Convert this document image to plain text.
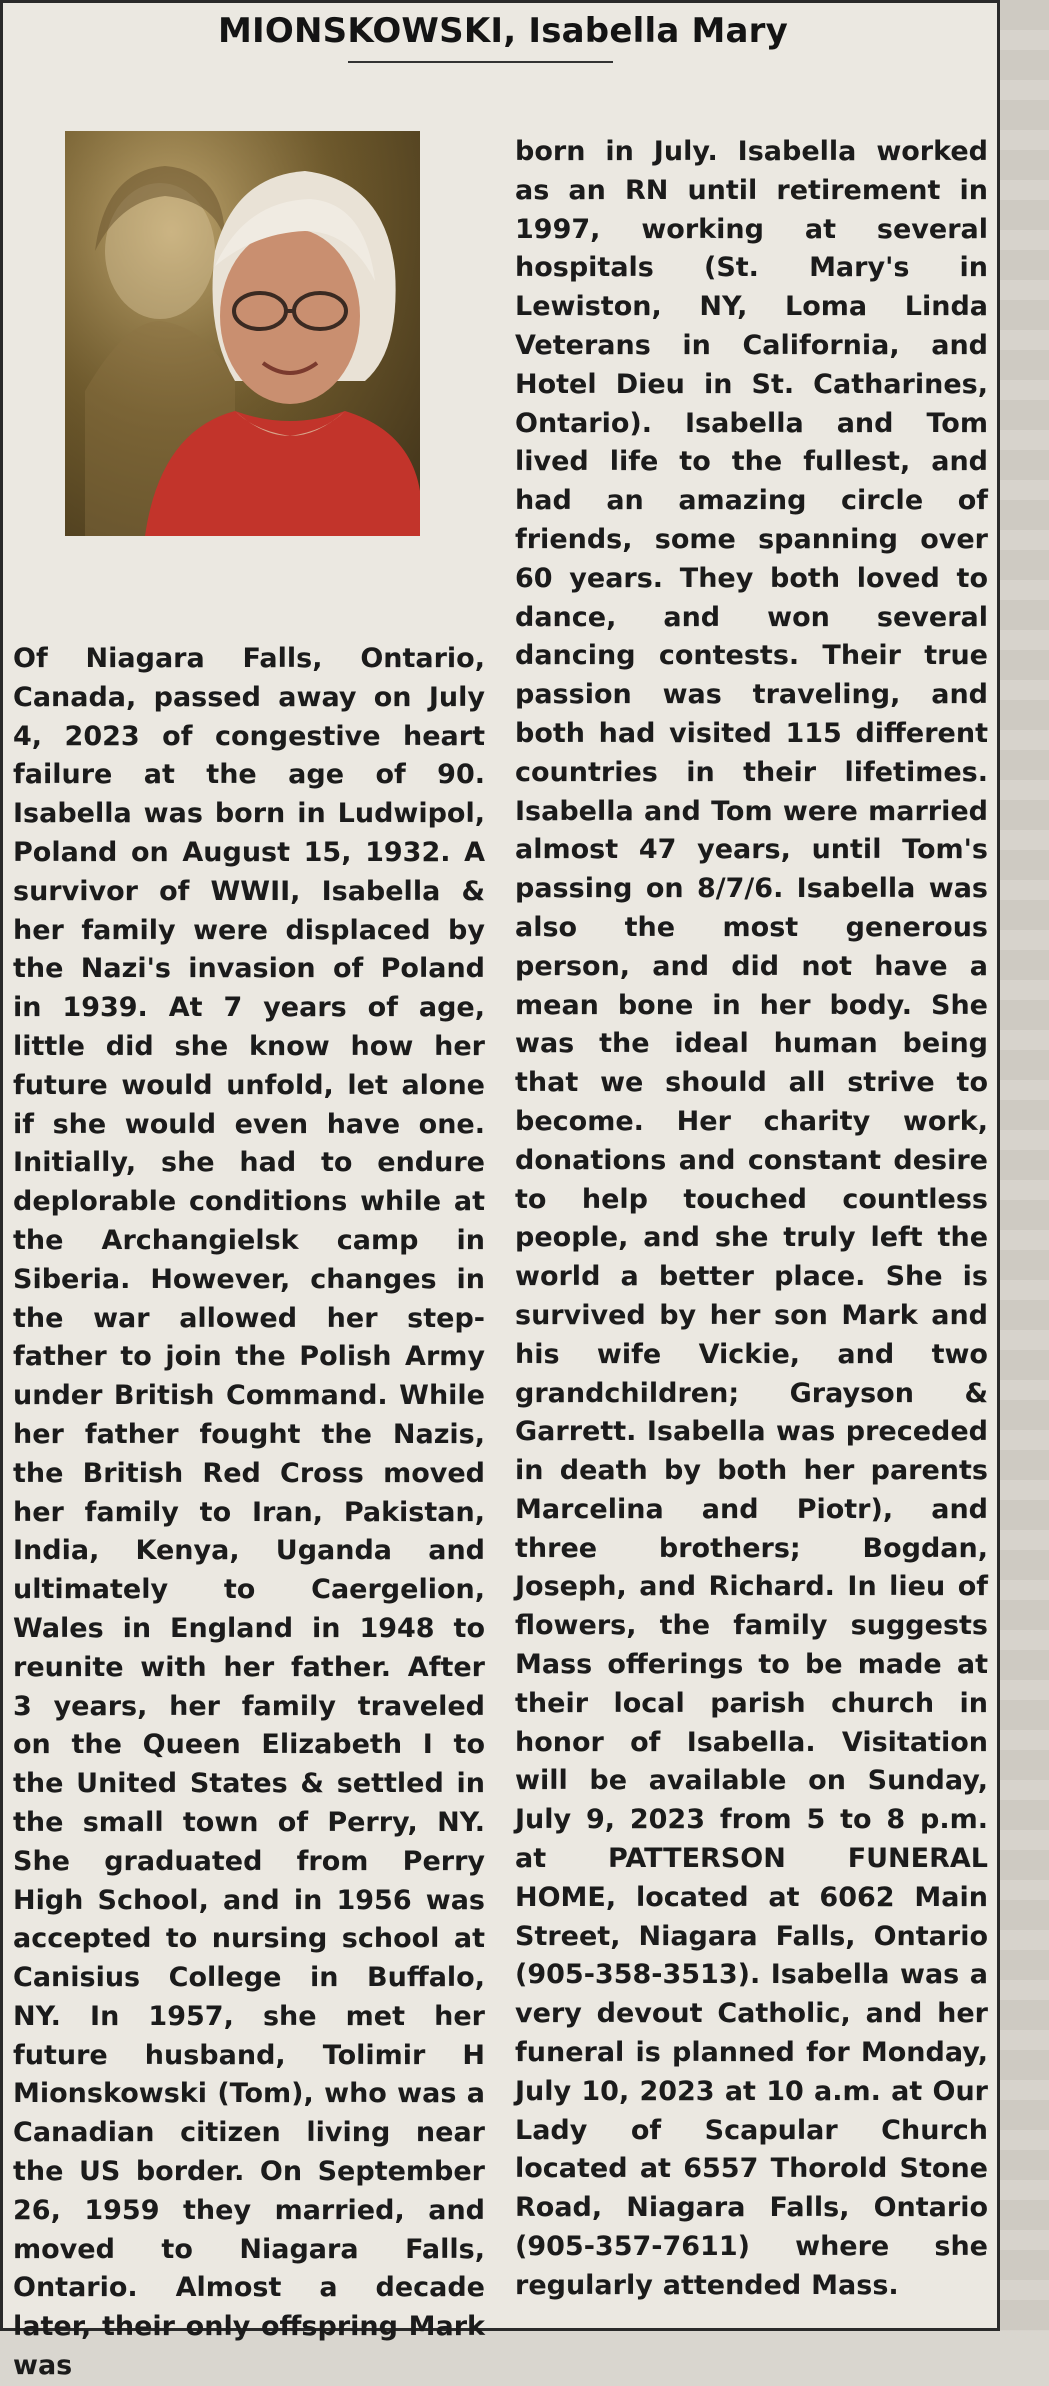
MIONSKOWSKI, Isabella Mary
Of Niagara Falls, Ontario, Canada, passed away on July 4, 2023 of congestive heart failure at the age of 90. Isabella was born in Ludwipol, Poland on August 15, 1932. A survivor of WWII, Isabella & her family were displaced by the Nazi's invasion of Poland in 1939. At 7 years of age, little did she know how her future would unfold, let alone if she would even have one. Initially, she had to endure deplorable conditions while at the Archangielsk camp in Siberia. However, changes in the war allowed her step-father to join the Polish Army under British Command. While her father fought the Nazis, the British Red Cross moved her family to Iran, Pakistan, India, Kenya, Uganda and ultimately to Caergelion, Wales in England in 1948 to reunite with her father. After 3 years, her family traveled on the Queen Elizabeth I to the United States & settled in the small town of Perry, NY. She graduated from Perry High School, and in 1956 was accepted to nursing school at Canisius College in Buffalo, NY. In 1957, she met her future husband, Tolimir H Mionskowski (Tom), who was a Canadian citizen living near the US border. On September 26, 1959 they married, and moved to Niagara Falls, Ontario. Almost a decade later, their only offspring Mark was
born in July. Isabella worked as an RN until retirement in 1997, working at several hospitals (St. Mary's in Lewiston, NY, Loma Linda Veterans in California, and Hotel Dieu in St. Catharines, Ontario). Isabella and Tom lived life to the fullest, and had an amazing circle of friends, some spanning over 60 years. They both loved to dance, and won several dancing contests. Their true passion was traveling, and both had visited 115 different countries in their lifetimes. Isabella and Tom were married almost 47 years, until Tom's passing on 8/7/6. Isabella was also the most generous person, and did not have a mean bone in her body. She was the ideal human being that we should all strive to become. Her charity work, donations and constant desire to help touched countless people, and she truly left the world a better place. She is survived by her son Mark and his wife Vickie, and two grandchildren; Grayson & Garrett. Isabella was preceded in death by both her parents Marcelina and Piotr), and three brothers; Bogdan, Joseph, and Richard. In lieu of flowers, the family suggests Mass offerings to be made at their local parish church in honor of Isabella. Visitation will be available on Sunday, July 9, 2023 from 5 to 8 p.m. at PATTERSON FUNERAL HOME, located at 6062 Main Street, Niagara Falls, Ontario (905-358-3513). Isabella was a very devout Catholic, and her funeral is planned for Monday, July 10, 2023 at 10 a.m. at Our Lady of Scapular Church located at 6557 Thorold Stone Road, Niagara Falls, Ontario (905-357-7611) where she regularly attended Mass.
